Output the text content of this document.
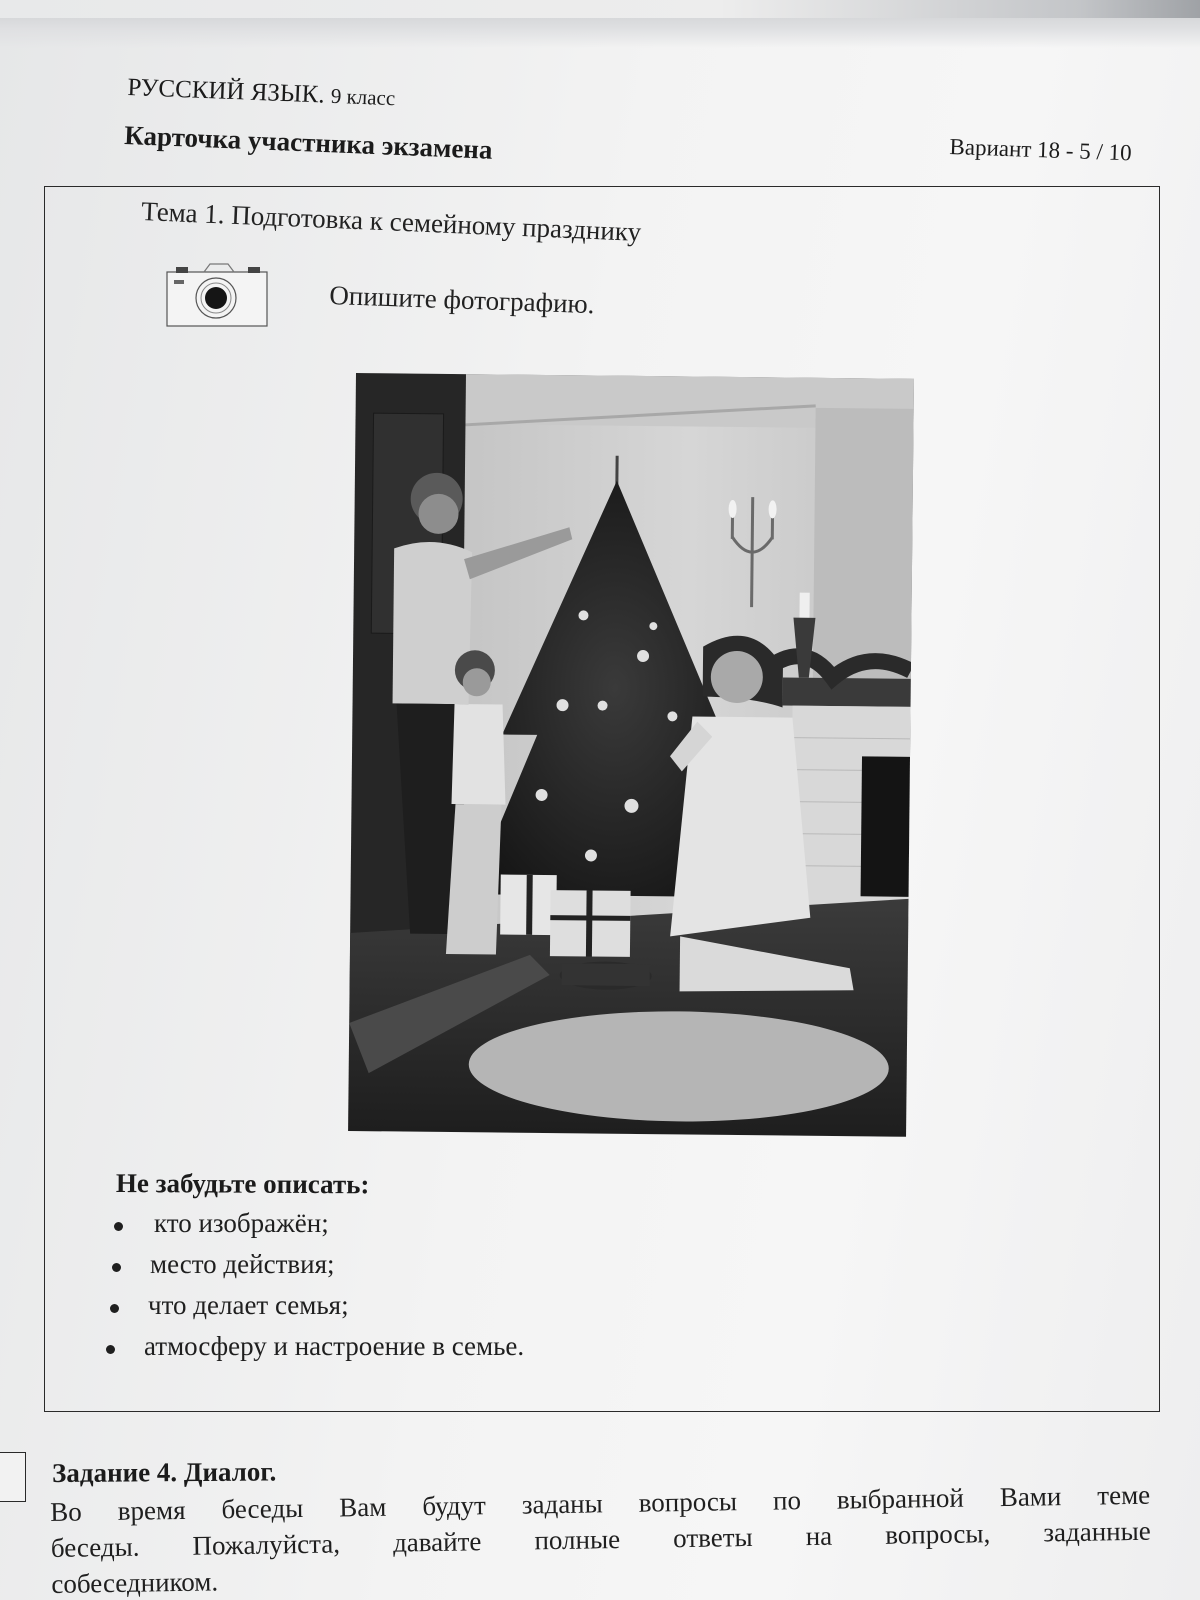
РУССКИЙ ЯЗЫК. 9 класс
Карточка участника экзамена	Вариант 18 - 5 / 10
Тема 1. Подготовка к семейному празднику
Опишите фотографию.
Не забудьте описать:
кто изображён;
место действия;
что делает семья;
атмосферу и настроение в семье.
Задание 4. Диалог.
Во время беседы Вам будут заданы вопросы по выбранной Вами теме
беседы. Пожалуйста, давайте полные ответы на вопросы, заданные
собеседником.
